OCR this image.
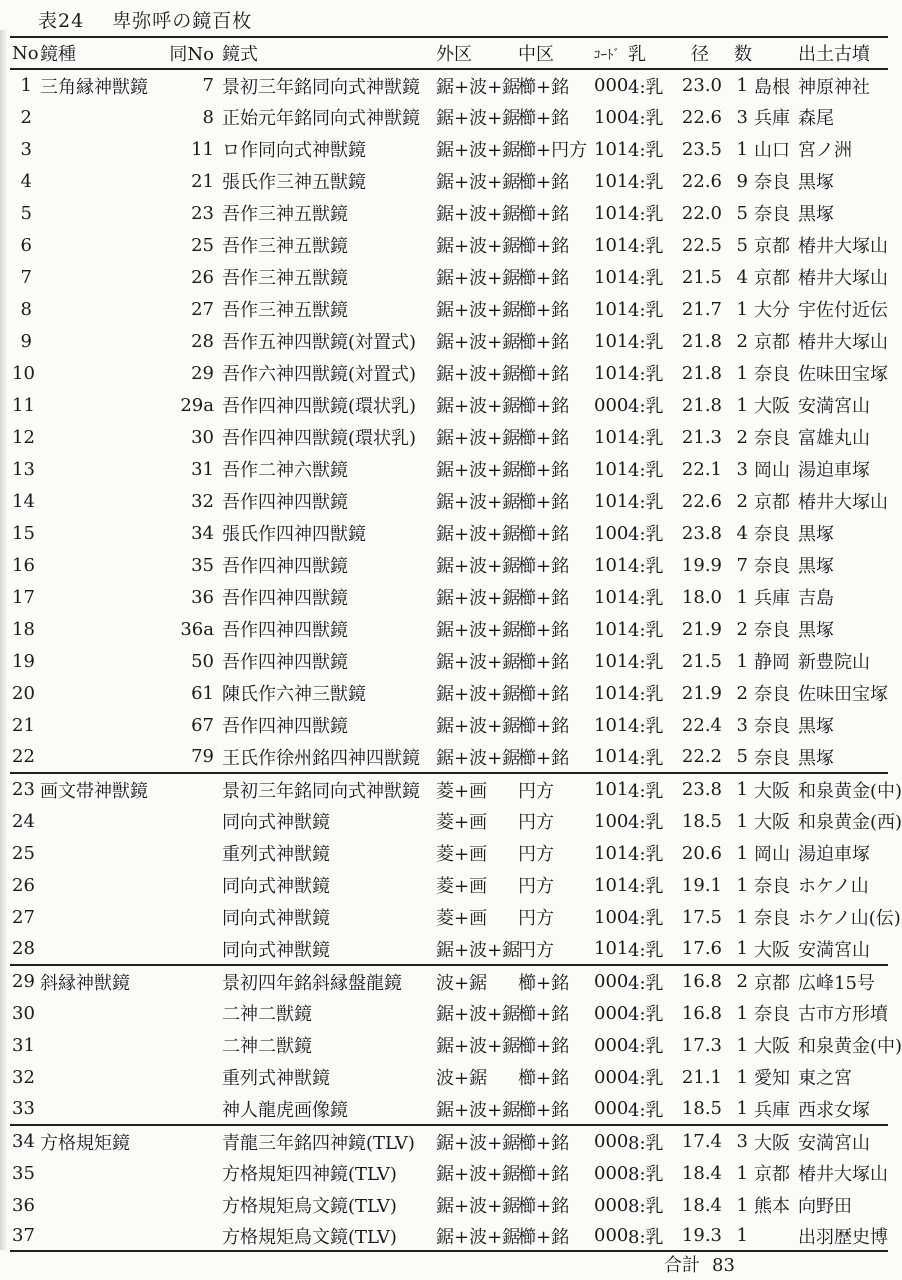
表24 卑弥呼の鏡百枚
No	鏡種	同No	鏡式	外区	中区	ｺｰﾄﾞ	乳	径	数		出土古墳
1	三角縁神獣鏡	7	景初三年銘同向式神獣鏡	鋸+波+鋸	櫛+銘	000	4:乳	23.0	1	島根	神原神社
2		8	正始元年銘同向式神獣鏡	鋸+波+鋸	櫛+銘	100	4:乳	22.6	3	兵庫	森尾
3		11	ロ作同向式神獣鏡	鋸+波+鋸	櫛+円方	101	4:乳	23.5	1	山口	宮ノ洲
4		21	張氏作三神五獣鏡	鋸+波+鋸	櫛+銘	101	4:乳	22.6	9	奈良	黒塚
5		23	吾作三神五獣鏡	鋸+波+鋸	櫛+銘	101	4:乳	22.0	5	奈良	黒塚
6		25	吾作三神五獣鏡	鋸+波+鋸	櫛+銘	101	4:乳	22.5	5	京都	椿井大塚山
7		26	吾作三神五獣鏡	鋸+波+鋸	櫛+銘	101	4:乳	21.5	4	京都	椿井大塚山
8		27	吾作三神五獣鏡	鋸+波+鋸	櫛+銘	101	4:乳	21.7	1	大分	宇佐付近伝
9		28	吾作五神四獣鏡(対置式)	鋸+波+鋸	櫛+銘	101	4:乳	21.8	2	京都	椿井大塚山
10		29	吾作六神四獣鏡(対置式)	鋸+波+鋸	櫛+銘	101	4:乳	21.8	1	奈良	佐味田宝塚
11		29a	吾作四神四獣鏡(環状乳)	鋸+波+鋸	櫛+銘	000	4:乳	21.8	1	大阪	安満宮山
12		30	吾作四神四獣鏡(環状乳)	鋸+波+鋸	櫛+銘	101	4:乳	21.3	2	奈良	富雄丸山
13		31	吾作二神六獣鏡	鋸+波+鋸	櫛+銘	101	4:乳	22.1	3	岡山	湯迫車塚
14		32	吾作四神四獣鏡	鋸+波+鋸	櫛+銘	101	4:乳	22.6	2	京都	椿井大塚山
15		34	張氏作四神四獣鏡	鋸+波+鋸	櫛+銘	100	4:乳	23.8	4	奈良	黒塚
16		35	吾作四神四獣鏡	鋸+波+鋸	櫛+銘	101	4:乳	19.9	7	奈良	黒塚
17		36	吾作四神四獣鏡	鋸+波+鋸	櫛+銘	101	4:乳	18.0	1	兵庫	吉島
18		36a	吾作四神四獣鏡	鋸+波+鋸	櫛+銘	101	4:乳	21.9	2	奈良	黒塚
19		50	吾作四神四獣鏡	鋸+波+鋸	櫛+銘	101	4:乳	21.5	1	静岡	新豊院山
20		61	陳氏作六神三獣鏡	鋸+波+鋸	櫛+銘	101	4:乳	21.9	2	奈良	佐味田宝塚
21		67	吾作四神四獣鏡	鋸+波+鋸	櫛+銘	101	4:乳	22.4	3	奈良	黒塚
22		79	王氏作徐州銘四神四獣鏡	鋸+波+鋸	櫛+銘	101	4:乳	22.2	5	奈良	黒塚
23	画文帯神獣鏡		景初三年銘同向式神獣鏡	菱+画	円方	101	4:乳	23.8	1	大阪	和泉黄金(中)
24			同向式神獣鏡	菱+画	円方	100	4:乳	18.5	1	大阪	和泉黄金(西)
25			重列式神獣鏡	菱+画	円方	101	4:乳	20.6	1	岡山	湯迫車塚
26			同向式神獣鏡	菱+画	円方	101	4:乳	19.1	1	奈良	ホケノ山
27			同向式神獣鏡	菱+画	円方	100	4:乳	17.5	1	奈良	ホケノ山(伝)
28			同向式神獣鏡	鋸+波+鋸	円方	101	4:乳	17.6	1	大阪	安満宮山
29	斜縁神獣鏡		景初四年銘斜縁盤龍鏡	波+鋸	櫛+銘	000	4:乳	16.8	2	京都	広峰15号
30			二神二獣鏡	鋸+波+鋸	櫛+銘	000	4:乳	16.8	1	奈良	古市方形墳
31			二神二獣鏡	鋸+波+鋸	櫛+銘	000	4:乳	17.3	1	大阪	和泉黄金(中)
32			重列式神獣鏡	波+鋸	櫛+銘	000	4:乳	21.1	1	愛知	東之宮
33			神人龍虎画像鏡	鋸+波+鋸	櫛+銘	000	4:乳	18.5	1	兵庫	西求女塚
34	方格規矩鏡		青龍三年銘四神鏡(TLV)	鋸+波+鋸	櫛+銘	000	8:乳	17.4	3	大阪	安満宮山
35			方格規矩四神鏡(TLV)	鋸+波+鋸	櫛+銘	000	8:乳	18.4	1	京都	椿井大塚山
36			方格規矩鳥文鏡(TLV)	鋸+波+鋸	櫛+銘	000	8:乳	18.4	1	熊本	向野田
37			方格規矩鳥文鏡(TLV)	鋸+波+鋸	櫛+銘	000	8:乳	19.3	1		出羽歴史博
合計 83
